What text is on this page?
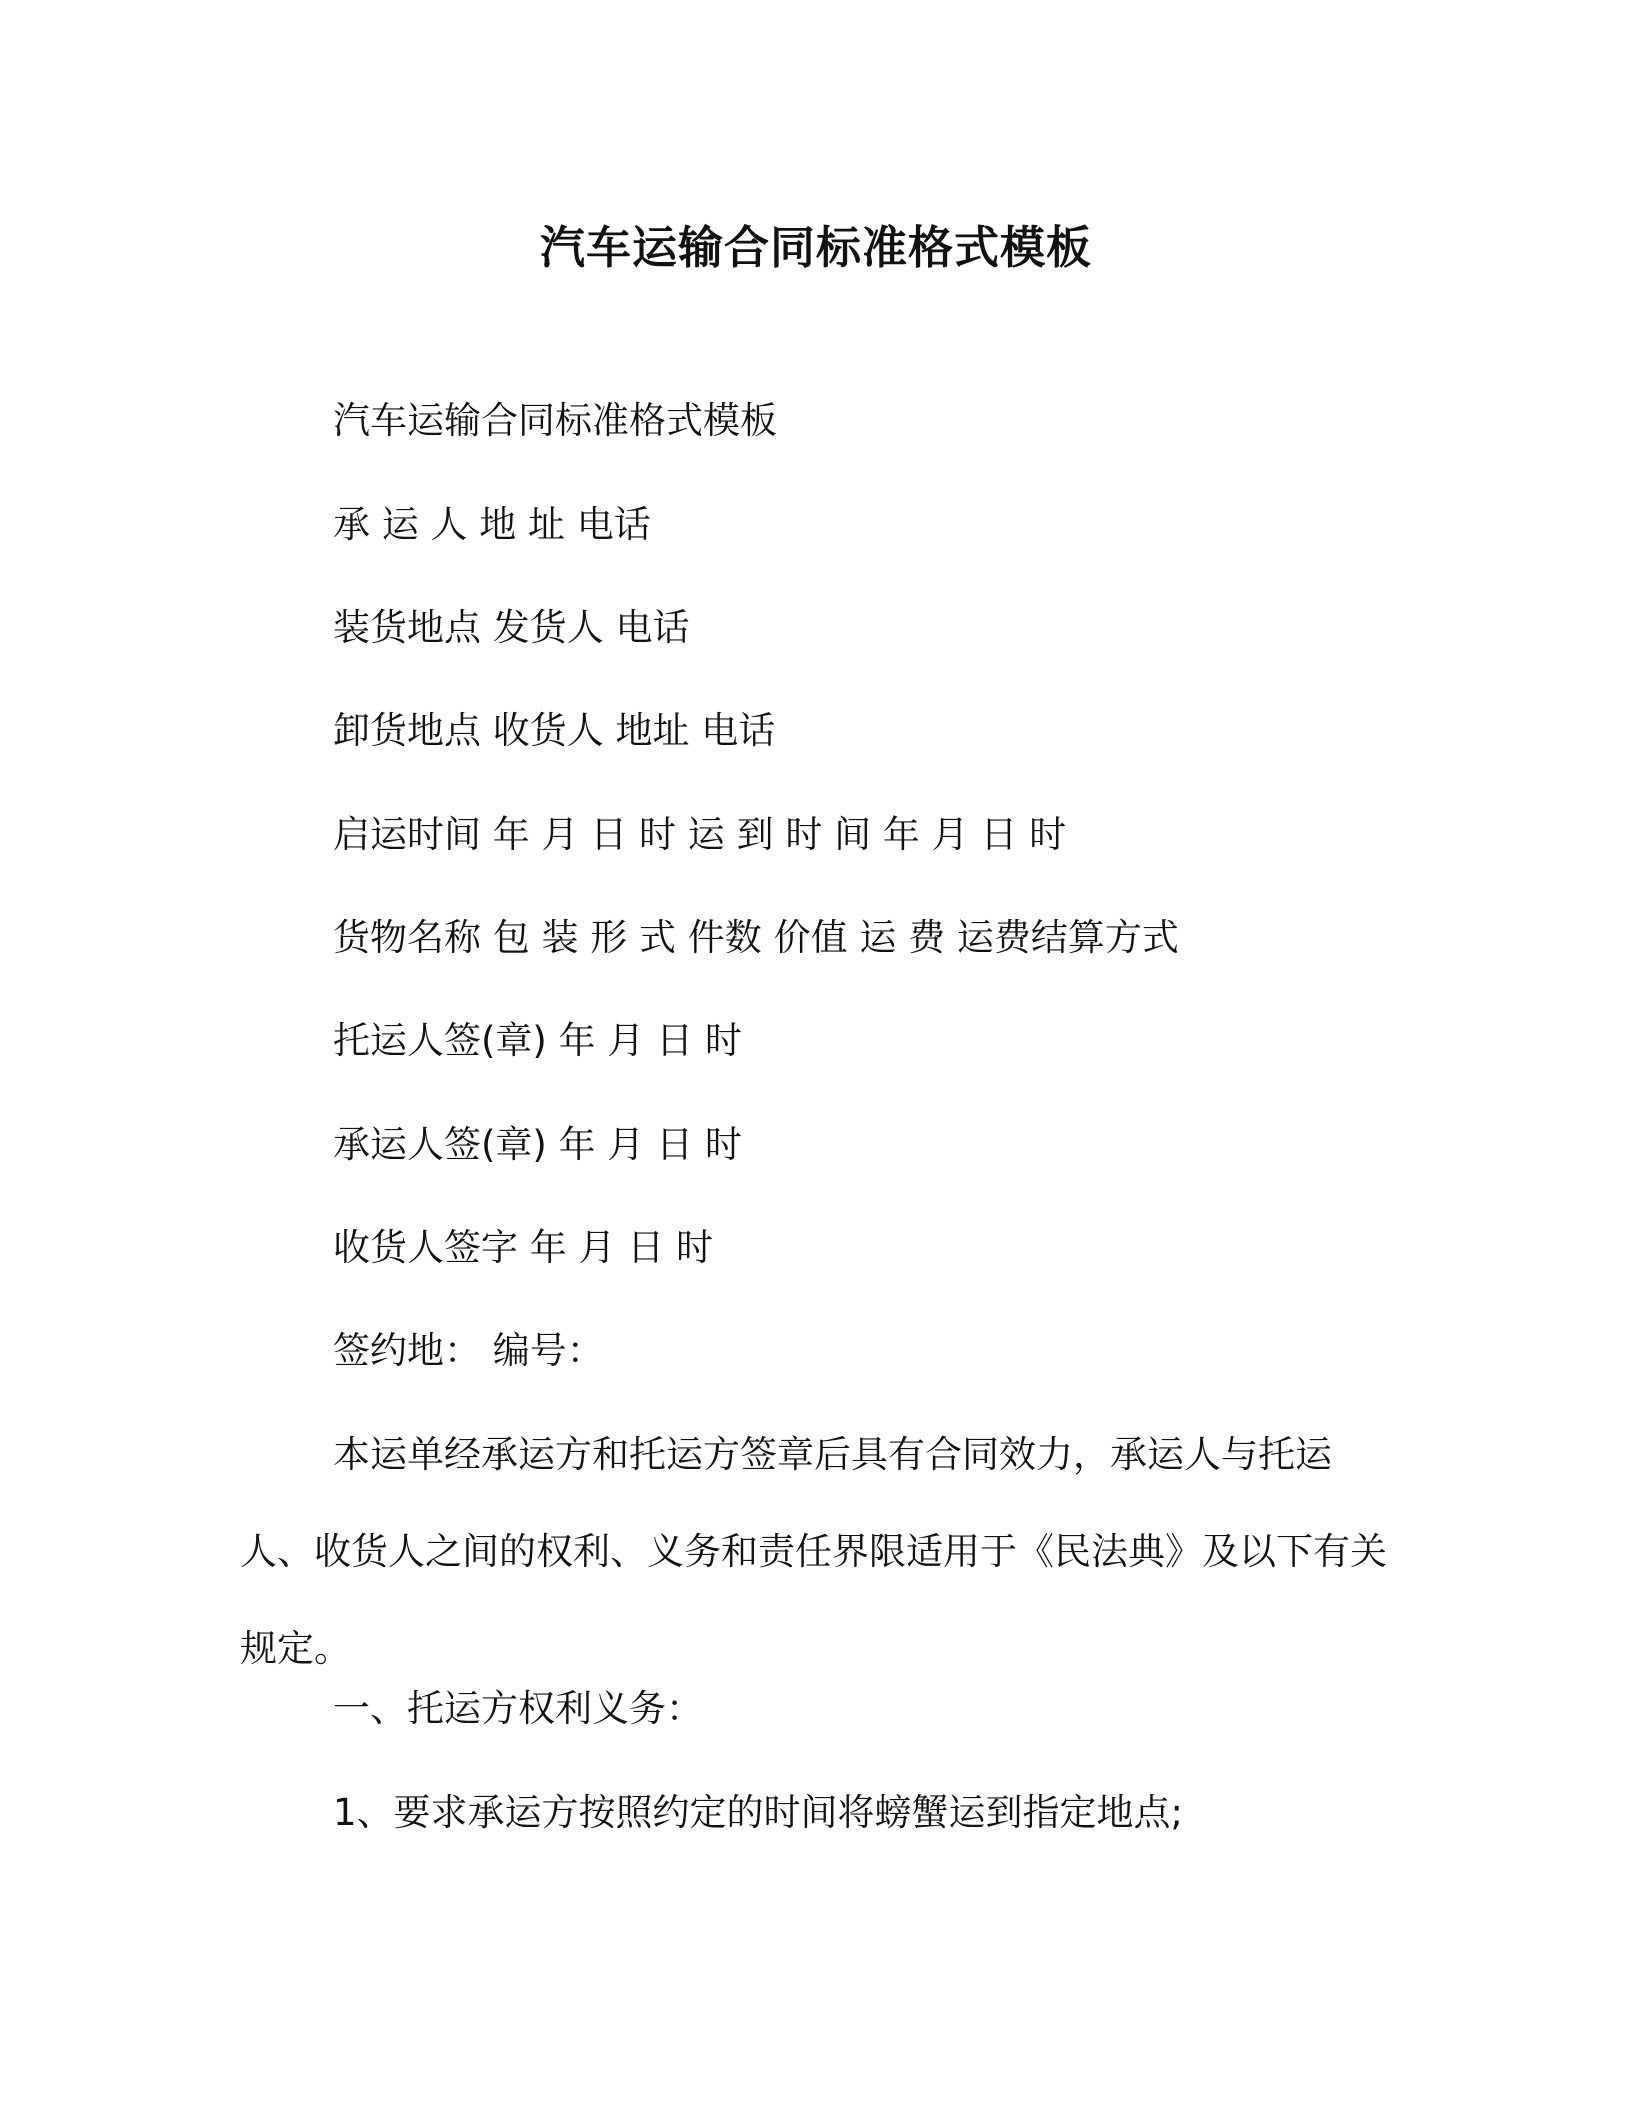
汽车运输合同标准格式模板
汽车运输合同标准格式模板
承 运 人 地 址 电话
装货地点 发货人 电话
卸货地点 收货人 地址 电话
启运时间 年 月 日 时 运 到 时 间 年 月 日 时
货物名称 包 装 形 式 件数 价值 运 费 运费结算方式
托运人签(章) 年 月 日 时
承运人签(章) 年 月 日 时
收货人签字 年 月 日 时
签约地： 编号：

本运单经承运方和托运方签章后具有合同效力，承运人与托运人、收货人之间的权利、义务和责任界限适用于《民法典》及以下有关规定。

一、托运方权利义务：
1、要求承运方按照约定的时间将螃蟹运到指定地点;
